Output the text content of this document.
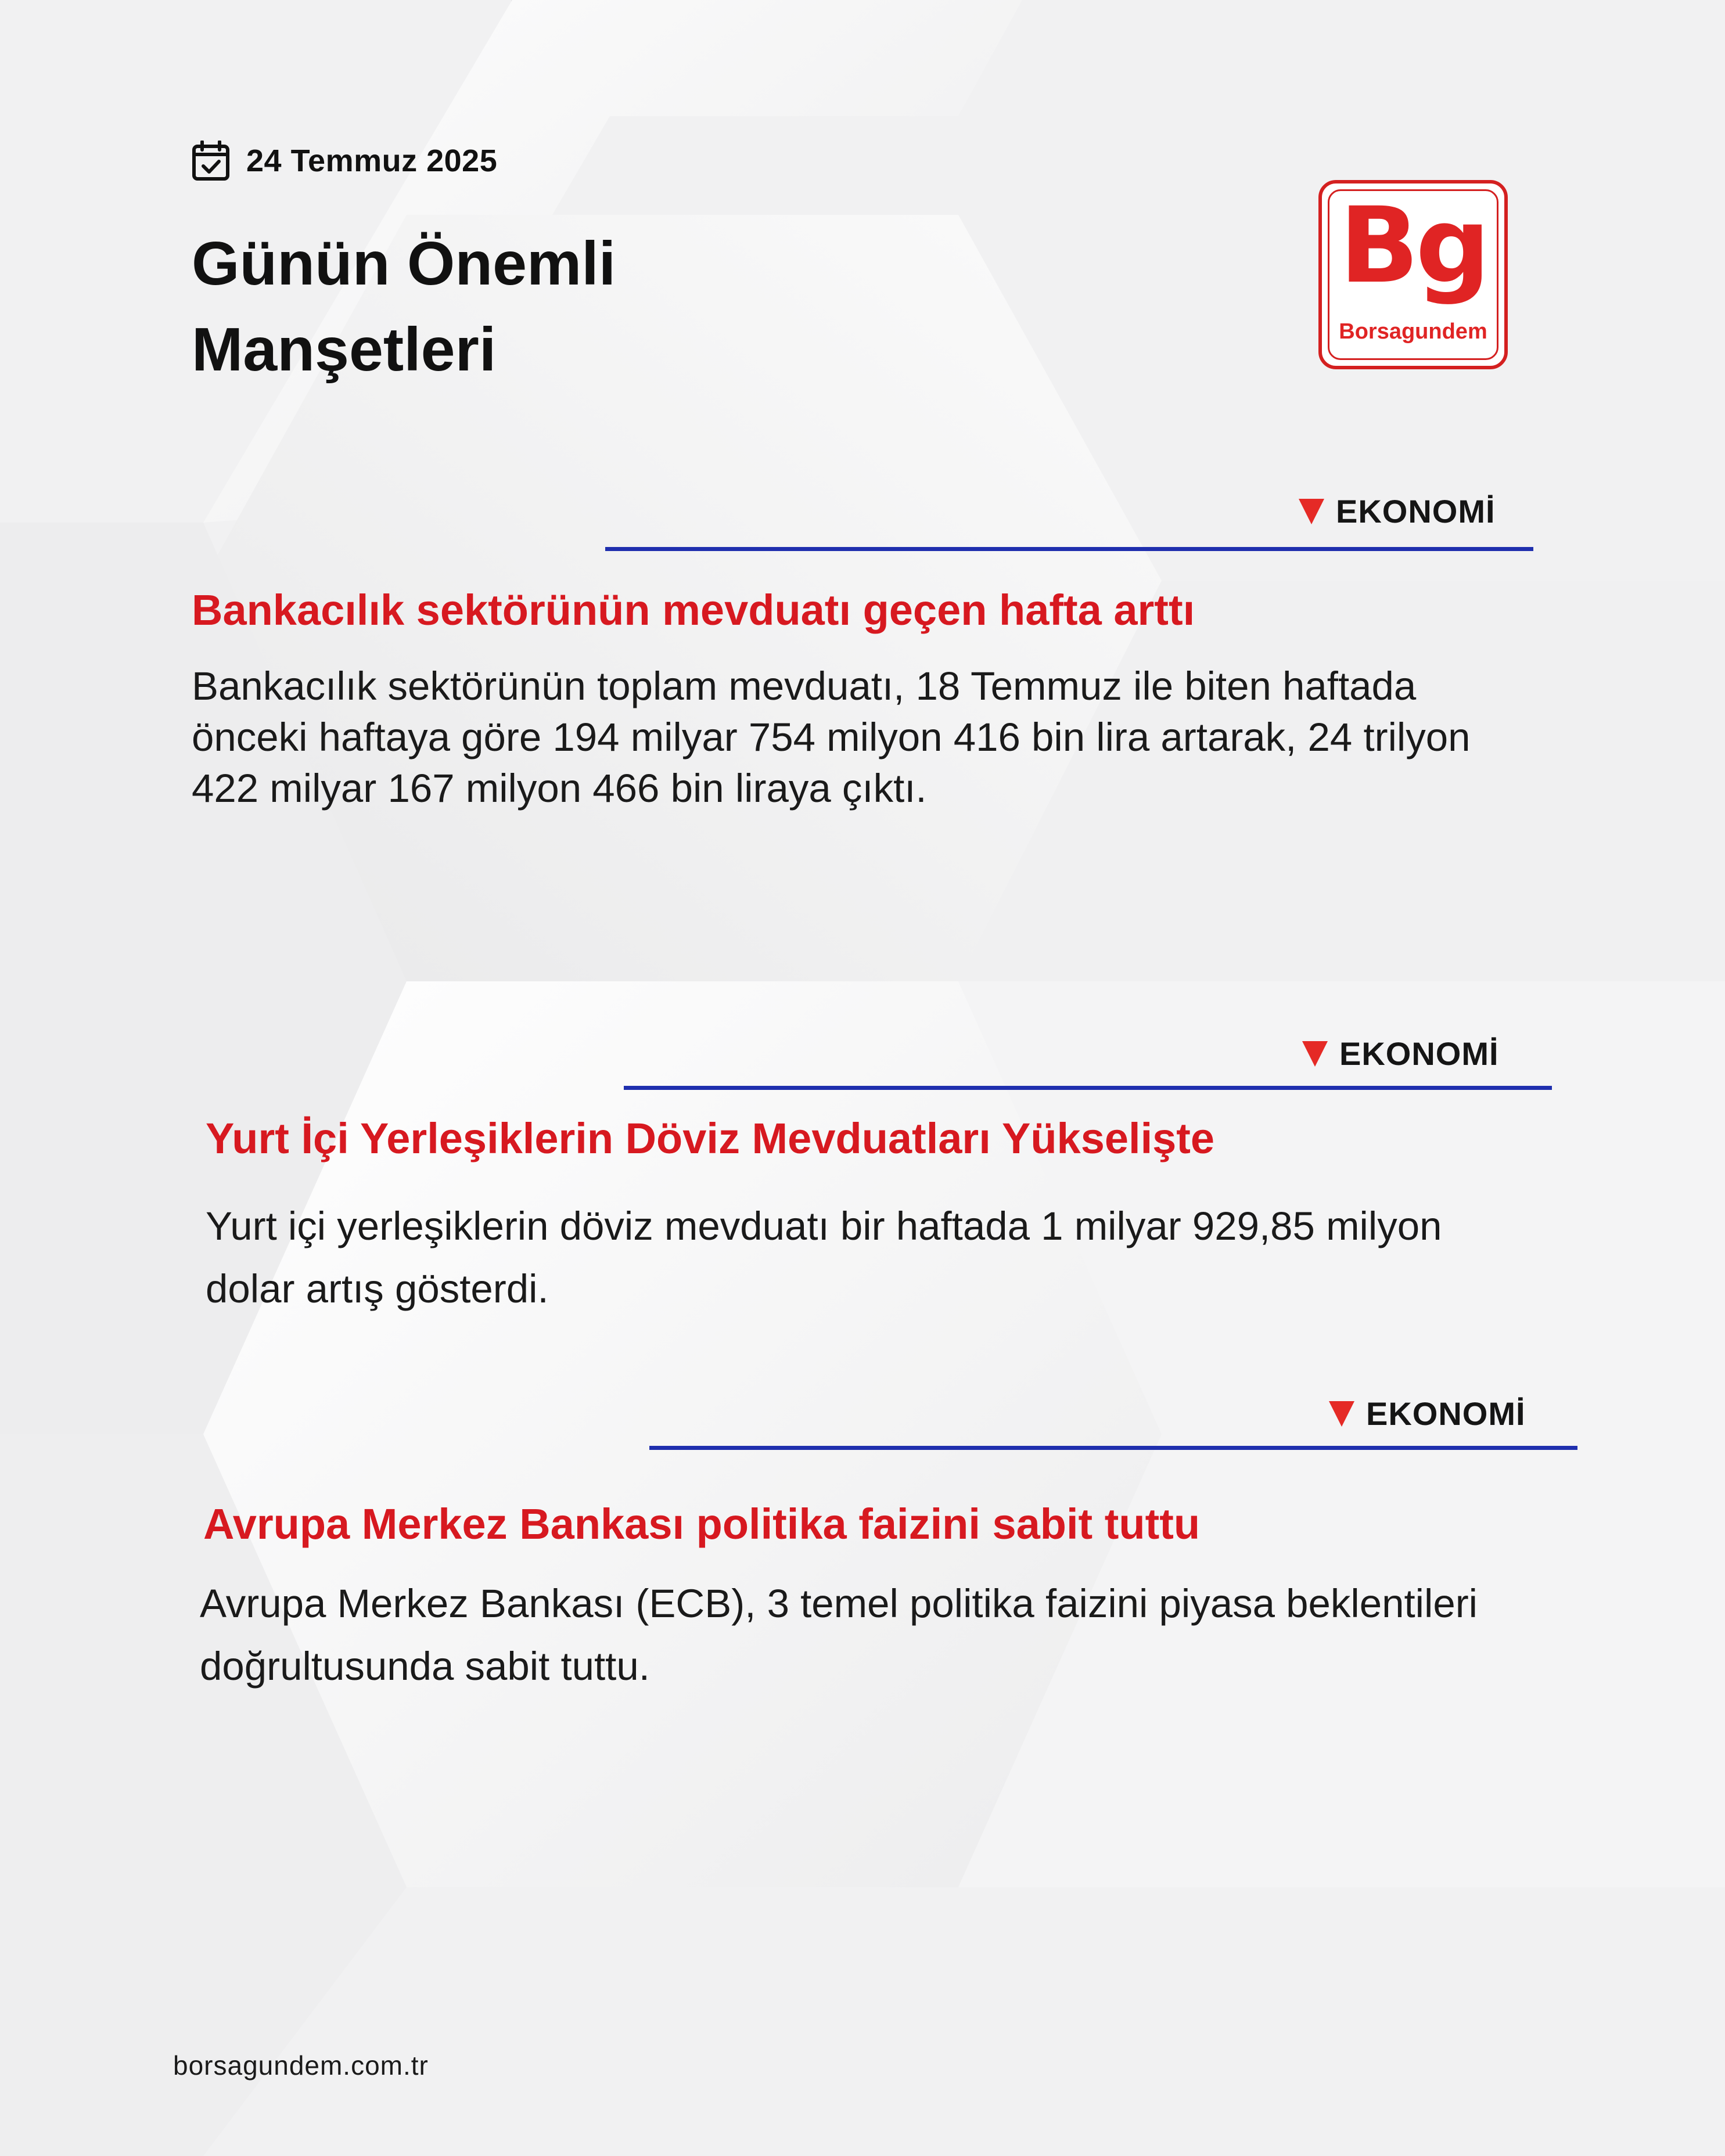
24 Temmuz 2025
Günün Önemli
Manşetleri
Bg
Borsagundem
EKONOMİ
Bankacılık sektörünün mevduatı geçen hafta arttı

Bankacılık sektörünün toplam mevduatı, 18 Temmuz ile biten haftada önceki haftaya göre 194 milyar 754 milyon 416 bin lira artarak, 24 trilyon 422 milyar 167 milyon 466 bin liraya çıktı.

EKONOMİ
Yurt İçi Yerleşiklerin Döviz Mevduatları Yükselişte

Yurt içi yerleşiklerin döviz mevduatı bir haftada 1 milyar 929,85 milyon dolar artış gösterdi.

EKONOMİ
Avrupa Merkez Bankası politika faizini sabit tuttu

Avrupa Merkez Bankası (ECB), 3 temel politika faizini piyasa beklentileri doğrultusunda sabit tuttu.

borsagundem.com.tr
